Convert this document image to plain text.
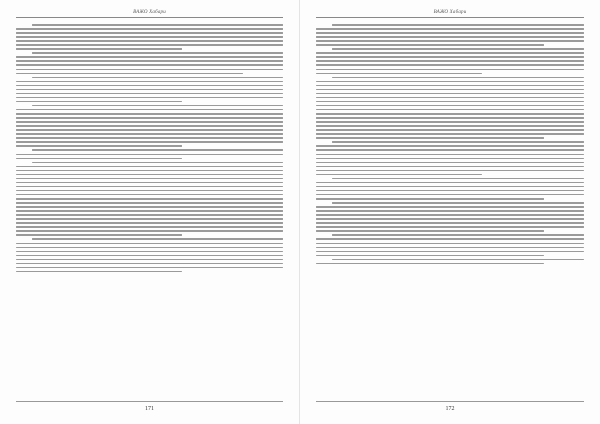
ВАЖО Хабари
171
ВАЖО Хабари
172
